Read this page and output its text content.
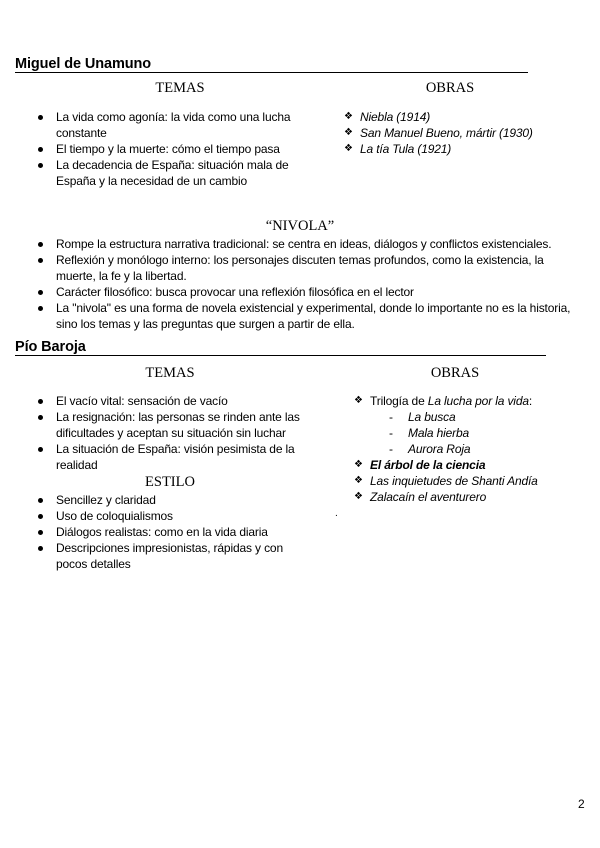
Miguel de Unamuno
TEMAS	OBRAS
La vida como agonía: la vida como una lucha constante
El tiempo y la muerte: cómo el tiempo pasa
La decadencia de España: situación mala de España y la necesidad de un cambio
❖ Niebla (1914)
❖ San Manuel Bueno, mártir (1930)
❖ La tía Tula (1921)
“NIVOLA”
Rompe la estructura narrativa tradicional: se centra en ideas, diálogos y conflictos existenciales.
Reflexión y monólogo interno: los personajes discuten temas profundos, como la existencia, la muerte, la fe y la libertad.
Carácter filosófico: busca provocar una reflexión filosófica en el lector
La "nivola" es una forma de novela existencial y experimental, donde lo importante no es la historia, sino los temas y las preguntas que surgen a partir de ella.
Pío Baroja
TEMAS	OBRAS
El vacío vital: sensación de vacío
La resignación: las personas se rinden ante las dificultades y aceptan su situación sin luchar
La situación de España: visión pesimista de la realidad
ESTILO
Sencillez y claridad
Uso de coloquialismos
Diálogos realistas: como en la vida diaria
Descripciones impresionistas, rápidas y con pocos detalles
❖ Trilogía de La lucha por la vida:
- La busca
- Mala hierba
- Aurora Roja
❖ El árbol de la ciencia
❖ Las inquietudes de Shanti Andía
❖ Zalacaín el aventurero
.
2
